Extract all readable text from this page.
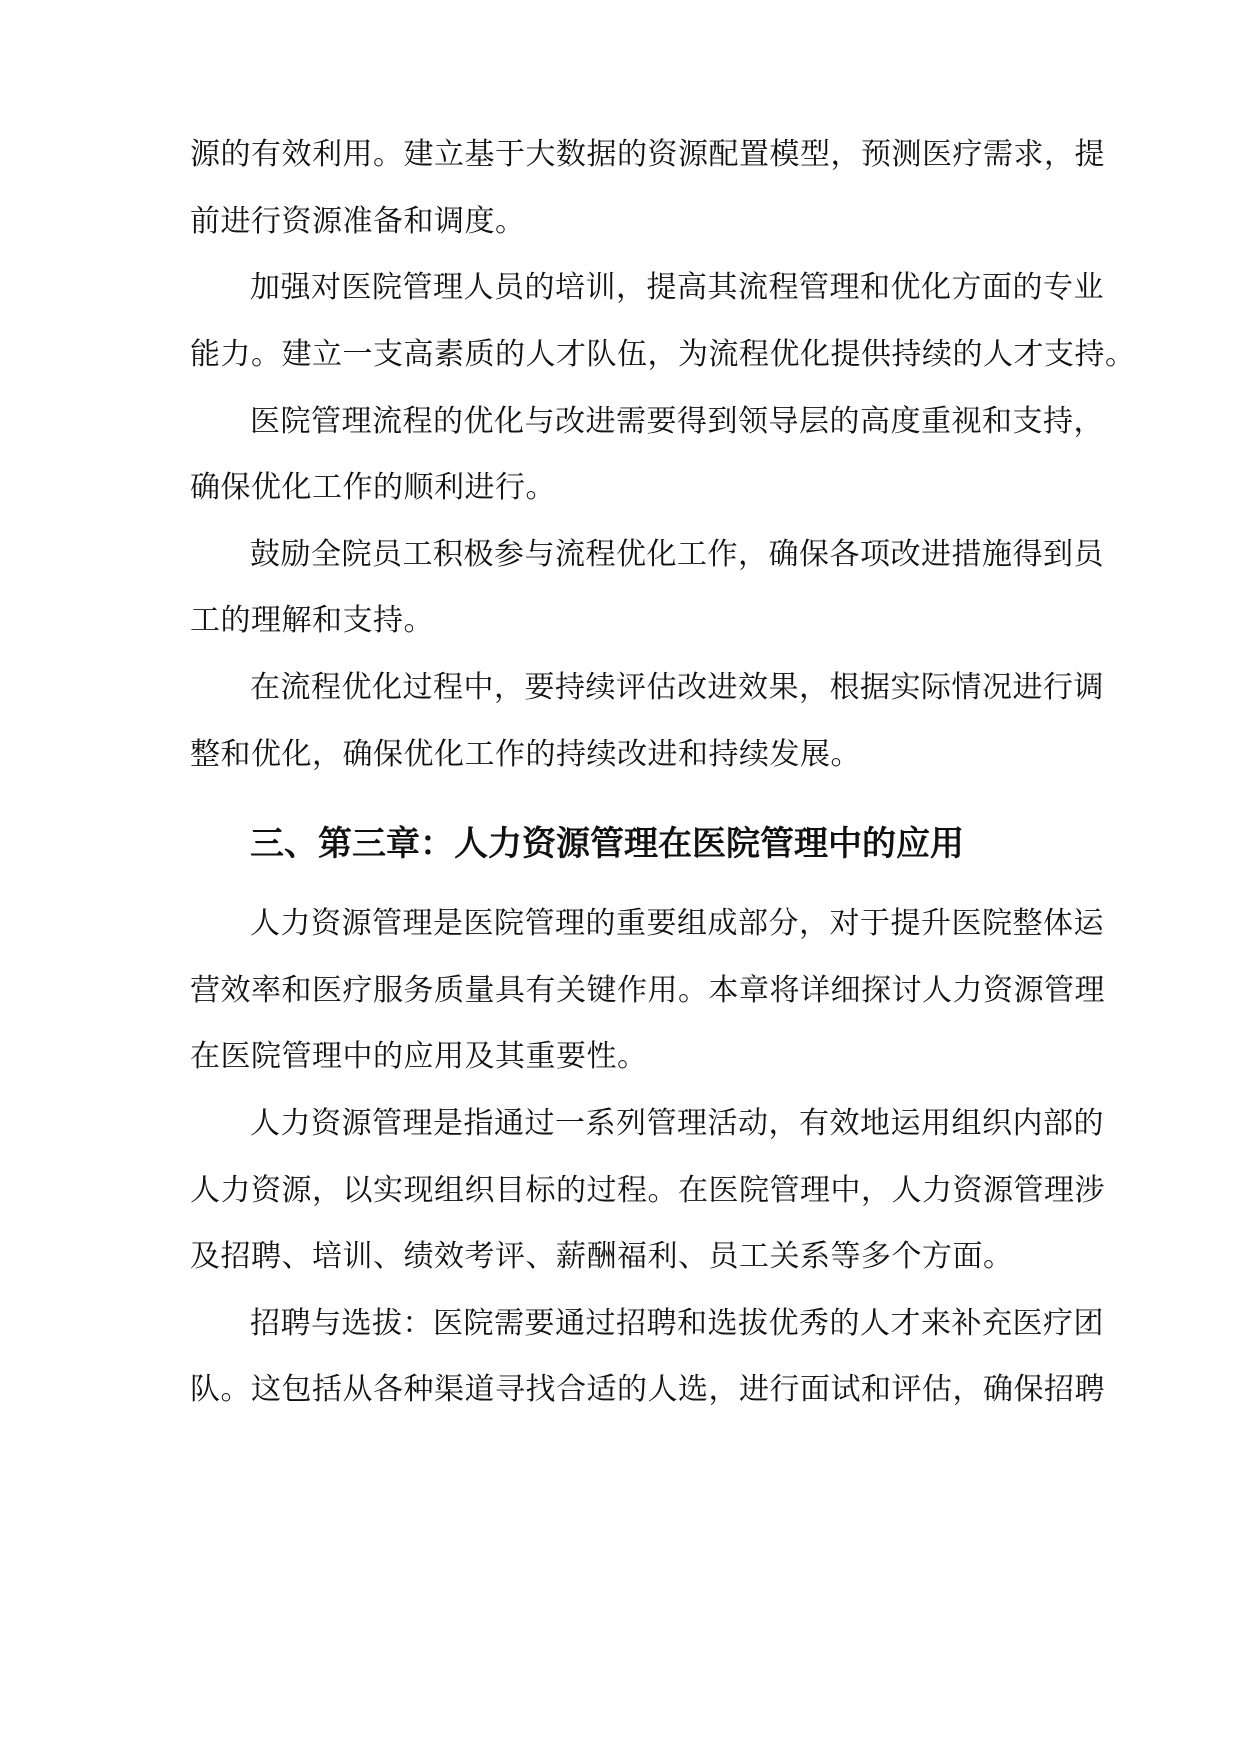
源的有效利用。建立基于大数据的资源配置模型，预测医疗需求，提
前进行资源准备和调度。
加强对医院管理人员的培训，提高其流程管理和优化方面的专业
能力。建立一支高素质的人才队伍，为流程优化提供持续的人才支持。
医院管理流程的优化与改进需要得到领导层的高度重视和支持，
确保优化工作的顺利进行。
鼓励全院员工积极参与流程优化工作，确保各项改进措施得到员
工的理解和支持。
在流程优化过程中，要持续评估改进效果，根据实际情况进行调
整和优化，确保优化工作的持续改进和持续发展。
三、第三章：人力资源管理在医院管理中的应用
人力资源管理是医院管理的重要组成部分，对于提升医院整体运
营效率和医疗服务质量具有关键作用。本章将详细探讨人力资源管理
在医院管理中的应用及其重要性。
人力资源管理是指通过一系列管理活动，有效地运用组织内部的
人力资源，以实现组织目标的过程。在医院管理中，人力资源管理涉
及招聘、培训、绩效考评、薪酬福利、员工关系等多个方面。
招聘与选拔：医院需要通过招聘和选拔优秀的人才来补充医疗团
队。这包括从各种渠道寻找合适的人选，进行面试和评估，确保招聘
